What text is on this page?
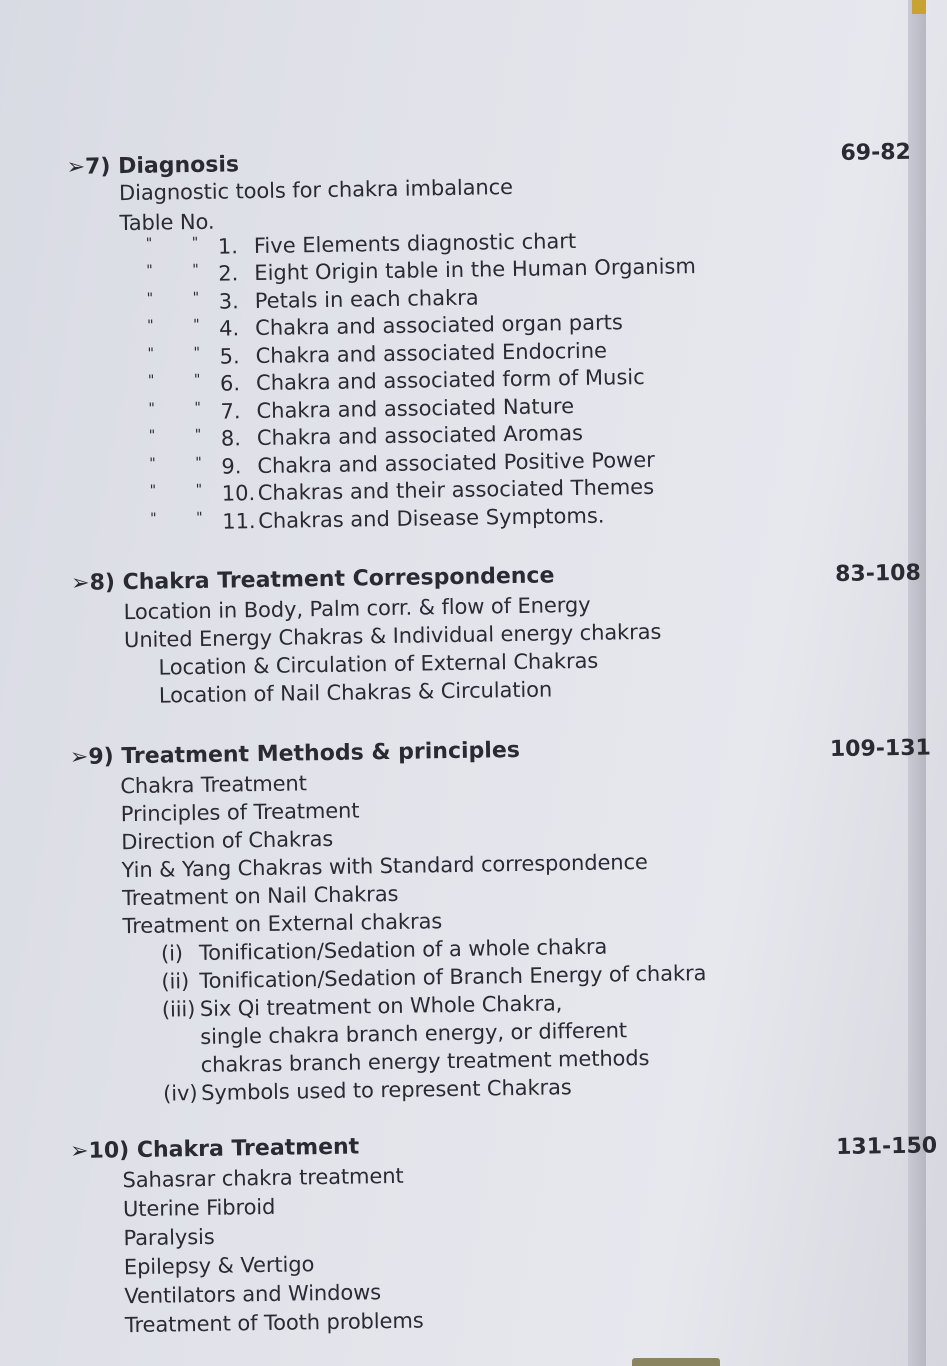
➢7) Diagnosis	69-82
Diagnostic tools for chakra imbalance
Table No.
"	" 1. Five Elements diagnostic chart
"	" 2. Eight Origin table in the Human Organism
"	" 3. Petals in each chakra
"	" 4. Chakra and associated organ parts
"	" 5. Chakra and associated Endocrine
"	" 6. Chakra and associated form of Music
"	" 7. Chakra and associated Nature
"	" 8. Chakra and associated Aromas
"	" 9. Chakra and associated Positive Power
"	" 10. Chakras and their associated Themes
"	" 11. Chakras and Disease Symptoms.
➢8) Chakra Treatment Correspondence	83-108
Location in Body, Palm corr. & flow of Energy
United Energy Chakras & Individual energy chakras
Location & Circulation of External Chakras
Location of Nail Chakras & Circulation
➢9) Treatment Methods & principles	109-131
Chakra Treatment
Principles of Treatment
Direction of Chakras
Yin & Yang Chakras with Standard correspondence
Treatment on Nail Chakras
Treatment on External chakras
(i) Tonification/Sedation of a whole chakra
(ii) Tonification/Sedation of Branch Energy of chakra
(iii) Six Qi treatment on Whole Chakra,
single chakra branch energy, or different
chakras branch energy treatment methods
(iv) Symbols used to represent Chakras
➢10) Chakra Treatment	131-150
Sahasrar chakra treatment
Uterine Fibroid
Paralysis
Epilepsy & Vertigo
Ventilators and Windows
Treatment of Tooth problems
